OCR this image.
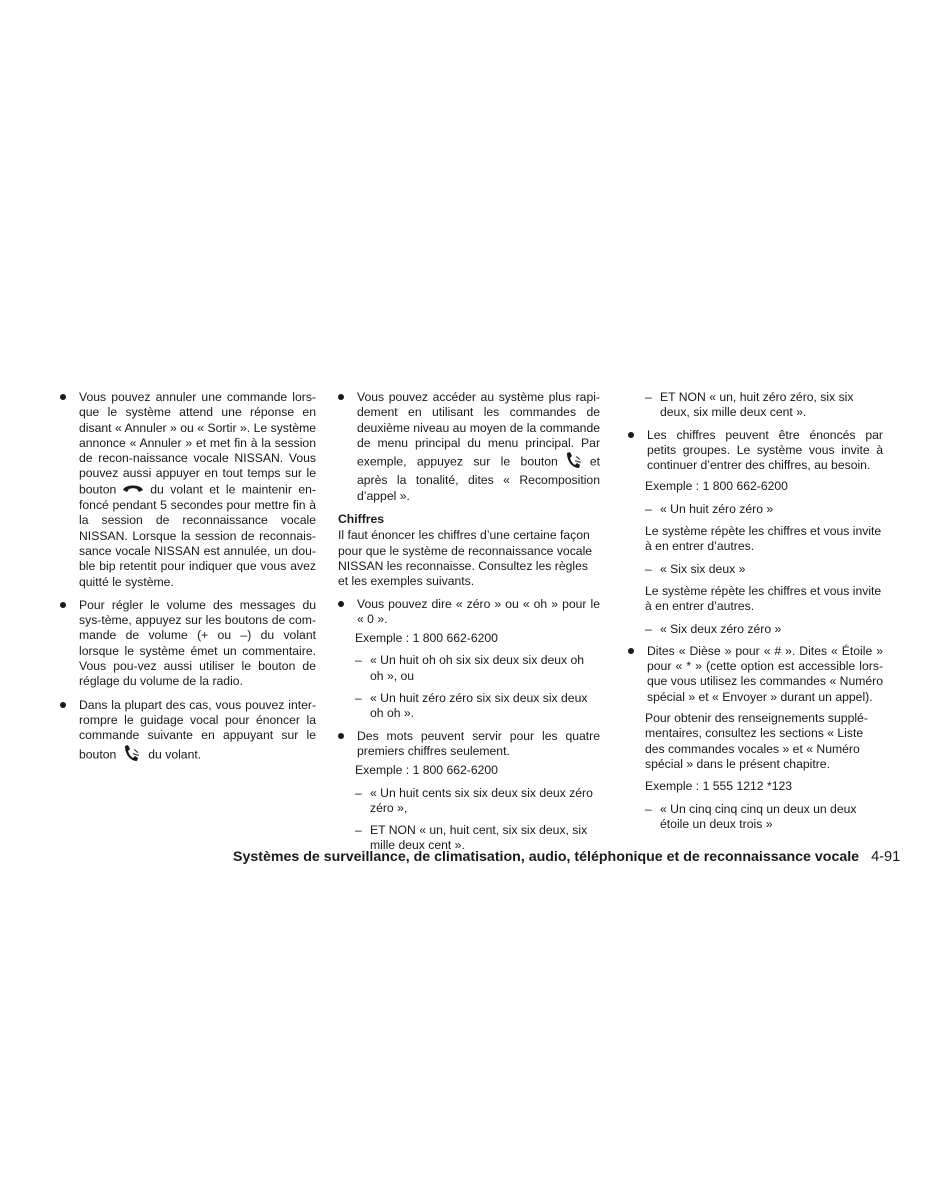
Vous pouvez annuler une commande lors-que le système attend une réponse en disant « Annuler » ou « Sortir ». Le système annonce « Annuler » et met fin à la session de recon-naissance vocale NISSAN. Vous pouvez aussi appuyer en tout temps sur le bouton	du volant et le maintenir en-foncé pendant 5 secondes pour mettre fin à la session de reconnaissance vocale NISSAN. Lorsque la session de reconnais-sance vocale NISSAN est annulée, un dou-ble bip retentit pour indiquer que vous avez quitté le système.
Pour régler le volume des messages du sys-tème, appuyez sur les boutons de com-mande de volume (+ ou –) du volant lorsque le système émet un commentaire. Vous pou-vez aussi utiliser le bouton de réglage du volume de la radio.
Dans la plupart des cas, vous pouvez inter-rompre le guidage vocal pour énoncer la commande suivante en appuyant sur le bouton	du volant.
Vous pouvez accéder au système plus rapi-dement en utilisant les commandes de deuxième niveau au moyen de la commande de menu principal du menu principal. Par exemple, appuyez sur le bouton	et après la tonalité, dites « Recomposition d’appel ».
Chiffres
Il faut énoncer les chiffres d’une certaine façon pour que le système de reconnaissance vocale NISSAN les reconnaisse. Consultez les règles et les exemples suivants.
Vous pouvez dire « zéro » ou « oh » pour le « 0 ».
Exemple : 1 800 662-6200
– « Un huit oh oh six six deux six deux oh oh », ou
– « Un huit zéro zéro six six deux six deux oh oh ».
Des mots peuvent servir pour les quatre premiers chiffres seulement.
Exemple : 1 800 662-6200
– « Un huit cents six six deux six deux zéro zéro »,
– ET NON « un, huit cent, six six deux, six mille deux cent ».
– ET NON « un, huit zéro zéro, six six deux, six mille deux cent ».
Les chiffres peuvent être énoncés par petits groupes. Le système vous invite à continuer d’entrer des chiffres, au besoin.
Exemple : 1 800 662-6200
– « Un huit zéro zéro »
Le système répète les chiffres et vous invite à en entrer d’autres.
– « Six six deux »
Le système répète les chiffres et vous invite à en entrer d’autres.
– « Six deux zéro zéro »
Dites « Dièse » pour « # ». Dites « Étoile » pour « * » (cette option est accessible lors-que vous utilisez les commandes « Numéro spécial » et « Envoyer » durant un appel).
Pour obtenir des renseignements supplé-mentaires, consultez les sections « Liste des commandes vocales » et « Numéro spécial » dans le présent chapitre.
Exemple : 1 555 1212 *123
– « Un cinq cinq cinq un deux un deux étoile un deux trois »
Systèmes de surveillance, de climatisation, audio, téléphonique et de reconnaissance vocale 4-91
